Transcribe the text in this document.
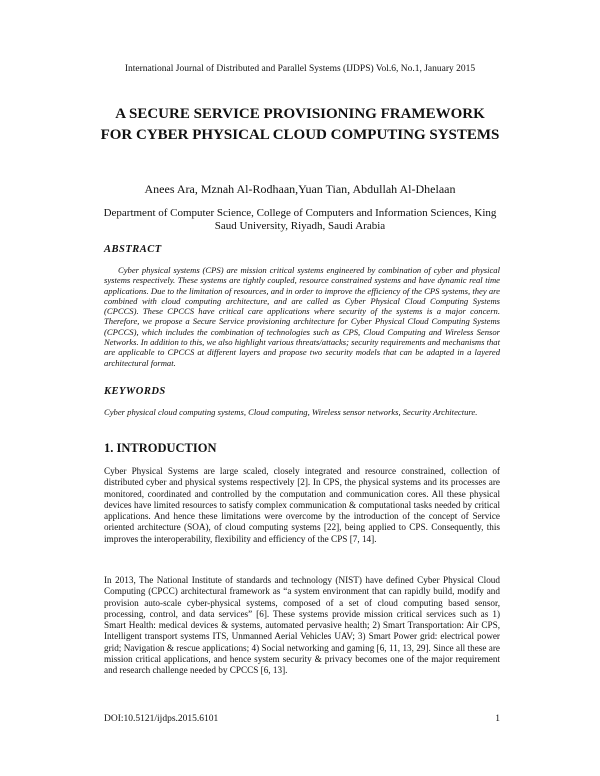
International Journal of Distributed and Parallel Systems (IJDPS) Vol.6, No.1, January 2015
A SECURE SERVICE PROVISIONING FRAMEWORK FOR CYBER PHYSICAL CLOUD COMPUTING SYSTEMS
Anees Ara, Mznah Al-Rodhaan,Yuan Tian, Abdullah Al-Dhelaan
Department of Computer Science, College of Computers and Information Sciences, King Saud University, Riyadh, Saudi Arabia
ABSTRACT
Cyber physical systems (CPS) are mission critical systems engineered by combination of cyber and physical systems respectively. These systems are tightly coupled, resource constrained systems and have dynamic real time applications. Due to the limitation of resources, and in order to improve the efficiency of the CPS systems, they are combined with cloud computing architecture, and are called as Cyber Physical Cloud Computing Systems (CPCCS). These CPCCS have critical care applications where security of the systems is a major concern. Therefore, we propose a Secure Service provisioning architecture for Cyber Physical Cloud Computing Systems (CPCCS), which includes the combination of technologies such as CPS, Cloud Computing and Wireless Sensor Networks. In addition to this, we also highlight various threats/attacks; security requirements and mechanisms that are applicable to CPCCS at different layers and propose two security models that can be adapted in a layered architectural format.
KEYWORDS
Cyber physical cloud computing systems, Cloud computing, Wireless sensor networks, Security Architecture.
1. INTRODUCTION
Cyber Physical Systems are large scaled, closely integrated and resource constrained, collection of distributed cyber and physical systems respectively [2]. In CPS, the physical systems and its processes are monitored, coordinated and controlled by the computation and communication cores. All these physical devices have limited resources to satisfy complex communication & computational tasks needed by critical applications. And hence these limitations were overcome by the introduction of the concept of Service oriented architecture (SOA), of cloud computing systems [22], being applied to CPS. Consequently, this improves the interoperability, flexibility and efficiency of the CPS [7, 14].
In 2013, The National Institute of standards and technology (NIST) have defined Cyber Physical Cloud Computing (CPCC) architectural framework as “a system environment that can rapidly build, modify and provision auto-scale cyber-physical systems, composed of a set of cloud computing based sensor, processing, control, and data services” [6]. These systems provide mission critical services such as 1) Smart Health: medical devices & systems, automated pervasive health; 2) Smart Transportation: Air CPS, Intelligent transport systems ITS, Unmanned Aerial Vehicles UAV; 3) Smart Power grid: electrical power grid; Navigation & rescue applications; 4) Social networking and gaming [6, 11, 13, 29]. Since all these are mission critical applications, and hence system security & privacy becomes one of the major requirement and research challenge needed by CPCCS [6, 13].
DOI:10.5121/ijdps.2015.6101	1
